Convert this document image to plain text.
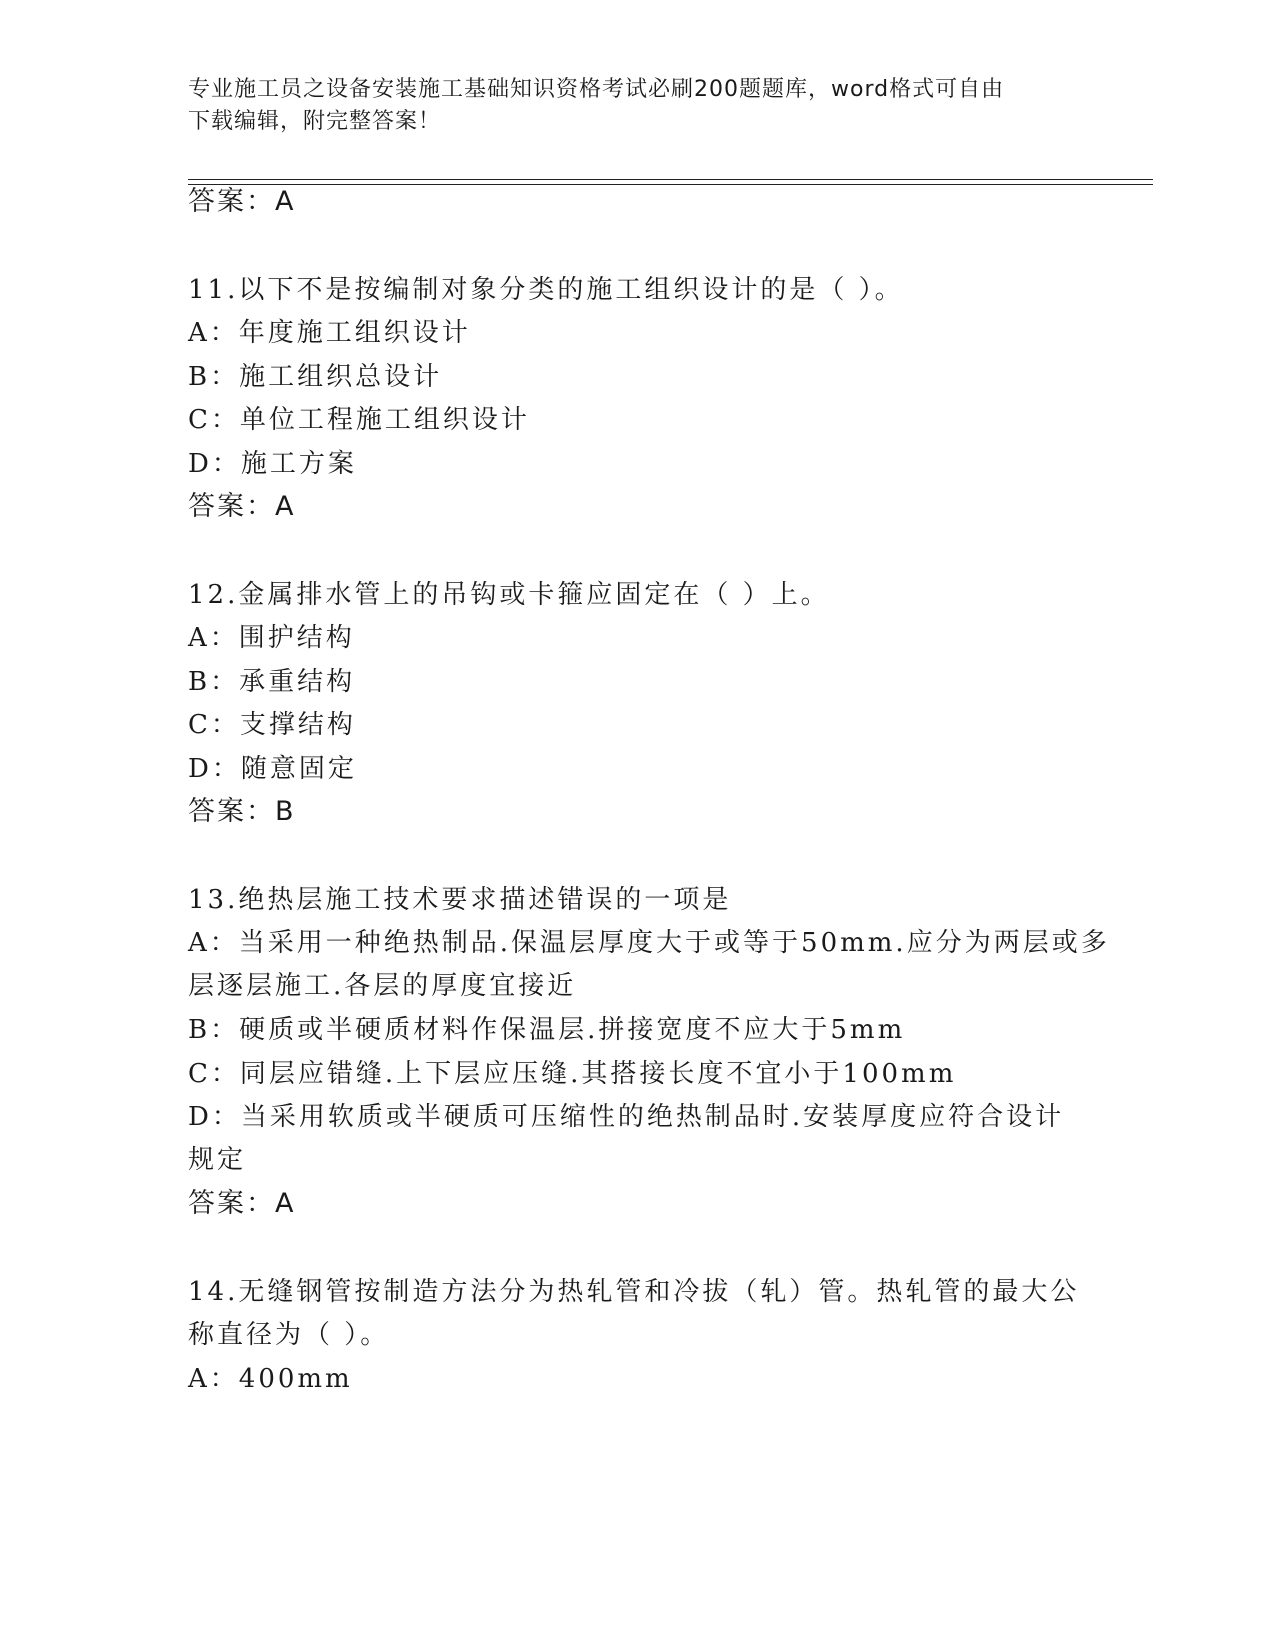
专业施工员之设备安装施工基础知识资格考试必刷200题题库，word格式可自由
下载编辑，附完整答案！
答案：A
11.以下不是按编制对象分类的施工组织设计的是（ ）。
A：年度施工组织设计
B：施工组织总设计
C：单位工程施工组织设计
D：施工方案
答案：A
12.金属排水管上的吊钩或卡箍应固定在（ ）上。
A：围护结构
B：承重结构
C：支撑结构
D：随意固定
答案：B
13.绝热层施工技术要求描述错误的一项是
A：当采用一种绝热制品.保温层厚度大于或等于50mm.应分为两层或多
层逐层施工.各层的厚度宜接近
B：硬质或半硬质材料作保温层.拼接宽度不应大于5mm
C：同层应错缝.上下层应压缝.其搭接长度不宜小于100mm
D：当采用软质或半硬质可压缩性的绝热制品时.安装厚度应符合设计
规定
答案：A
14.无缝钢管按制造方法分为热轧管和冷拔（轧）管。热轧管的最大公
称直径为（ ）。
A：400mm
